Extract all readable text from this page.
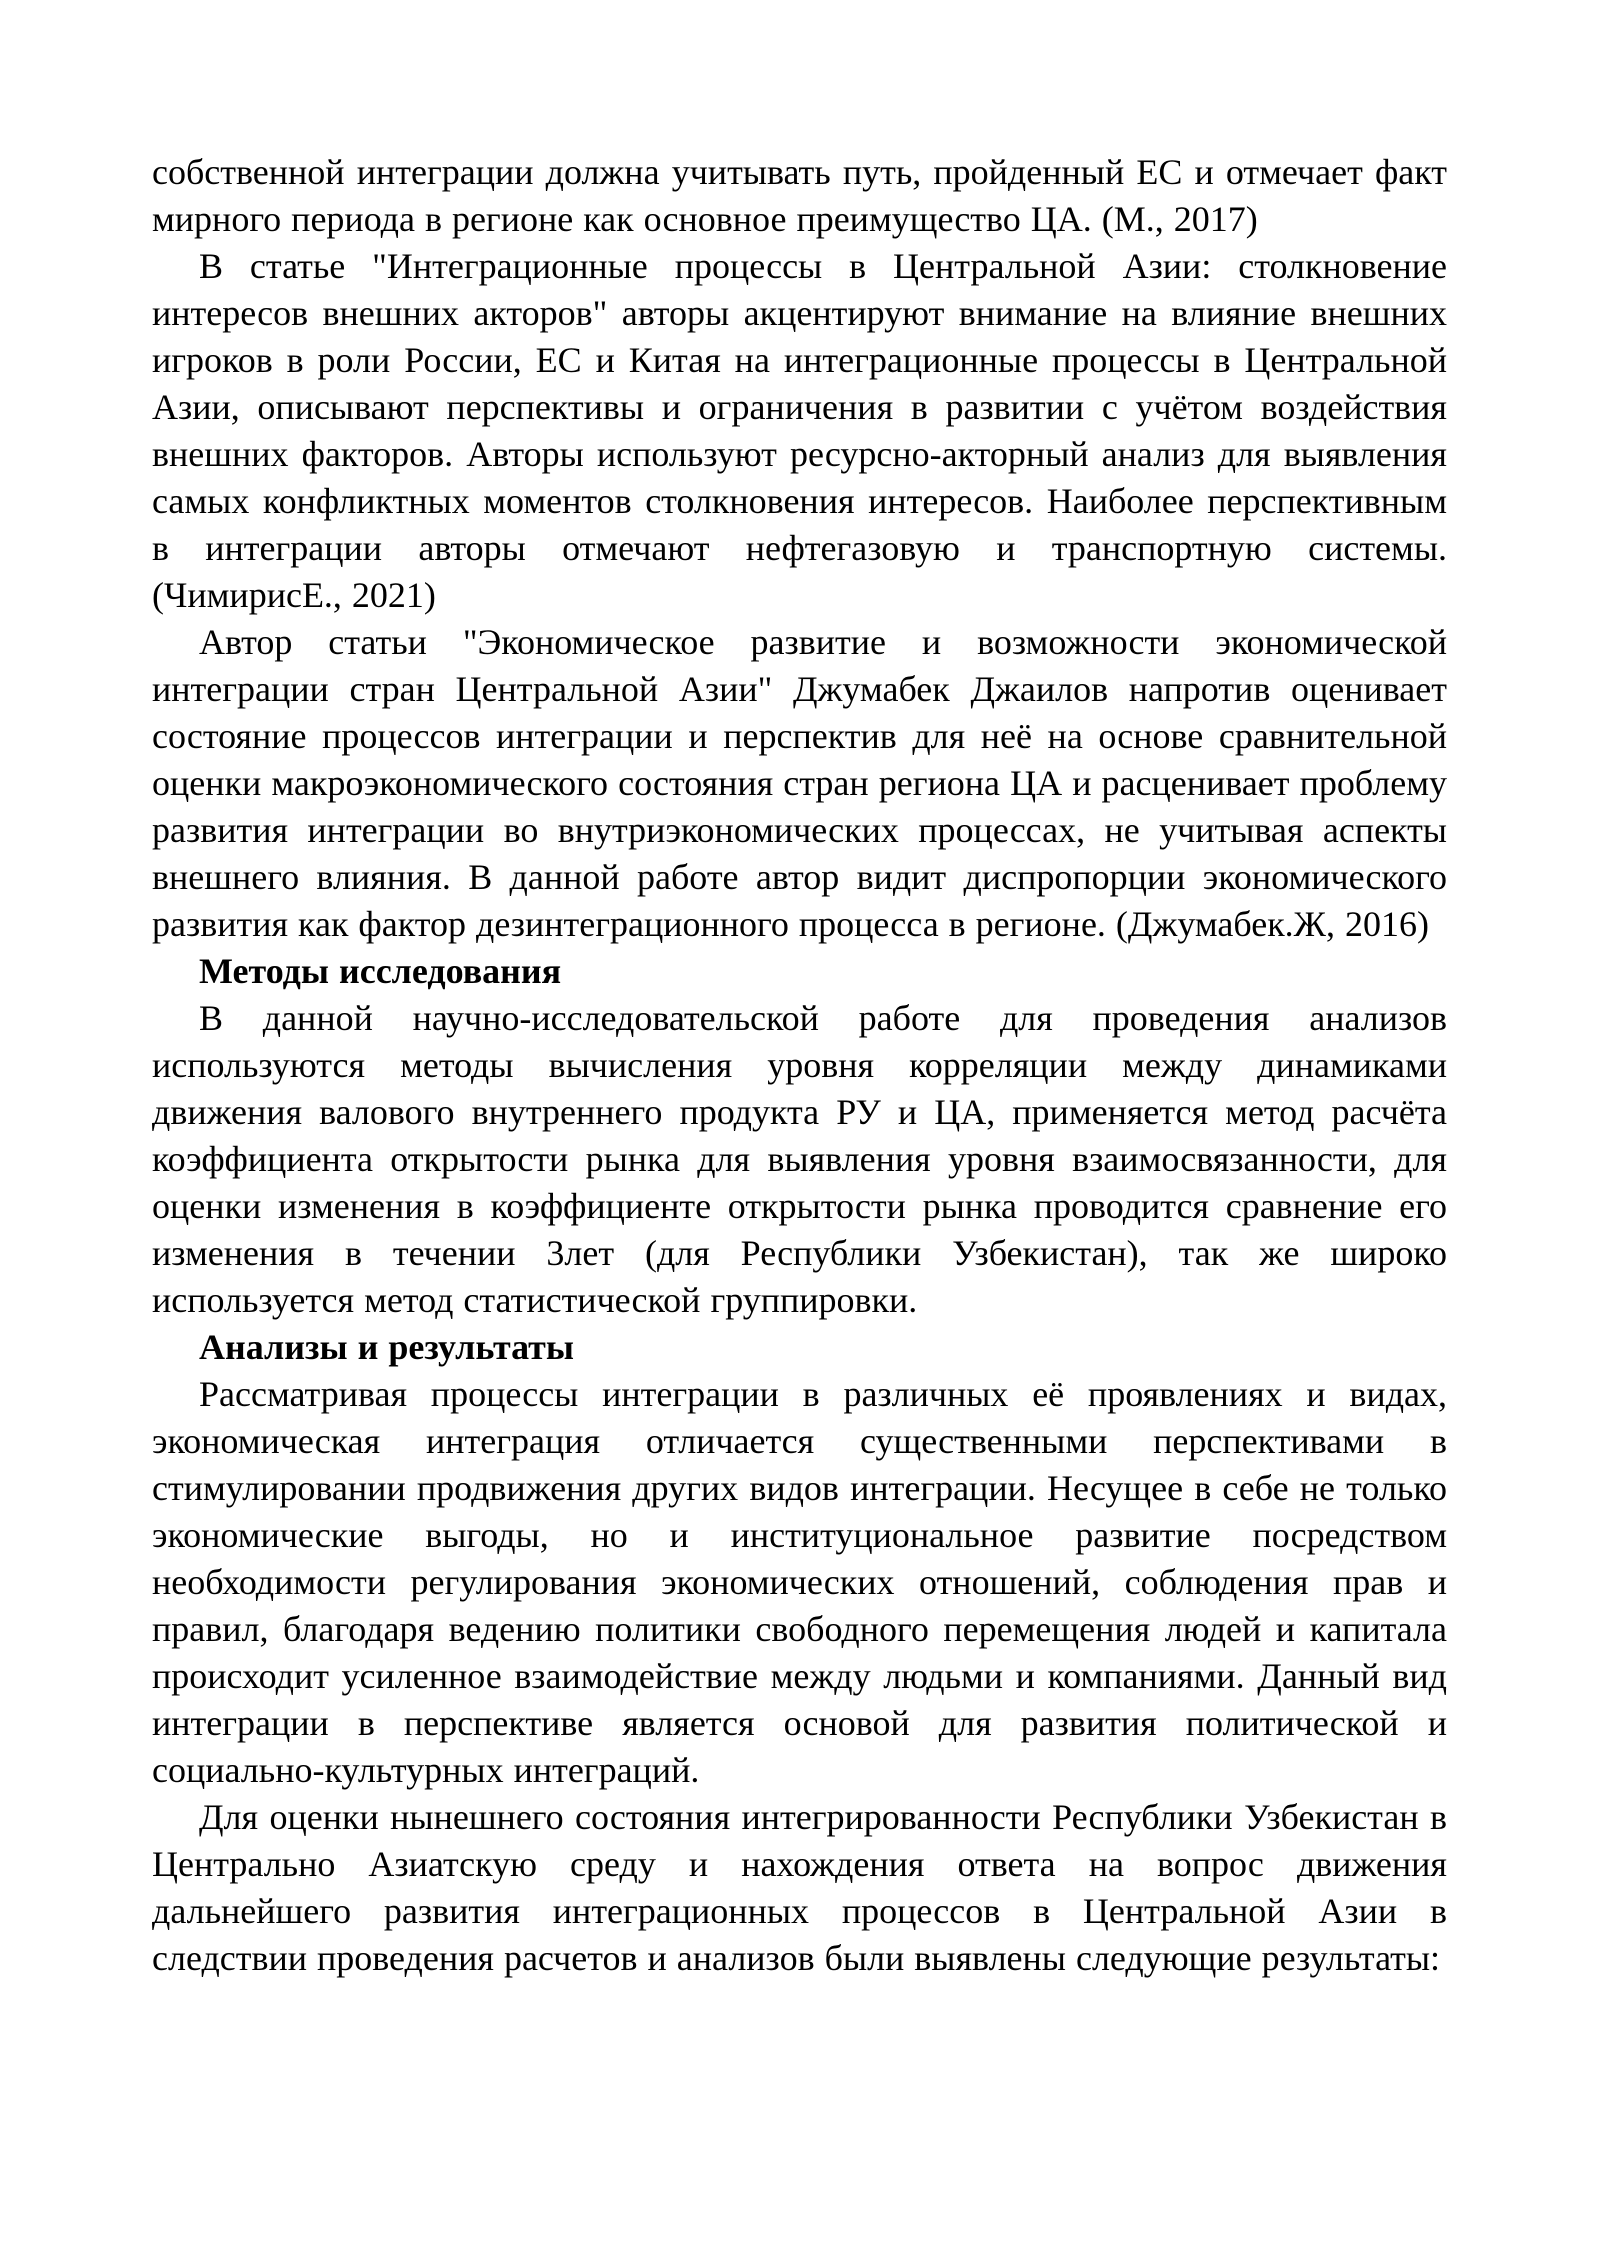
собственной интеграции должна учитывать путь, пройденный ЕС и отмечает факт мирного периода в регионе как основное преимущество ЦА. (М., 2017)

В статье "Интеграционные процессы в Центральной Азии: столкновение интересов внешних акторов" авторы акцентируют внимание на влияние внешних игроков в роли России, ЕС и Китая на интеграционные процессы в Центральной Азии, описывают перспективы и ограничения в развитии с учётом воздействия внешних факторов. Авторы используют ресурсно-акторный анализ для выявления самых конфликтных моментов столкновения интересов. Наиболее перспективным в интеграции авторы отмечают нефтегазовую и транспортную системы. (ЧимирисЕ., 2021)

Автор статьи "Экономическое развитие и возможности экономической интеграции стран Центральной Азии" Джумабек Джаилов напротив оценивает состояние процессов интеграции и перспектив для неё на основе сравнительной оценки макроэкономического состояния стран региона ЦА и расценивает проблему развития интеграции во внутриэкономических процессах, не учитывая аспекты внешнего влияния. В данной работе автор видит диспропорции экономического развития как фактор дезинтеграционного процесса в регионе. (Джумабек.Ж, 2016)

Методы исследования

В данной научно-исследовательской работе для проведения анализов используются методы вычисления уровня корреляции между динамиками движения валового внутреннего продукта РУ и ЦА, применяется метод расчёта коэффициента открытости рынка для выявления уровня взаимосвязанности, для оценки изменения в коэффициенте открытости рынка проводится сравнение его изменения в течении 3лет (для Республики Узбекистан), так же широко используется метод статистической группировки.

Анализы и результаты

Рассматривая процессы интеграции в различных её проявлениях и видах, экономическая интеграция отличается существенными перспективами в стимулировании продвижения других видов интеграции. Несущее в себе не только экономические выгоды, но и институциональное развитие посредством необходимости регулирования экономических отношений, соблюдения прав и правил, благодаря ведению политики свободного перемещения людей и капитала происходит усиленное взаимодействие между людьми и компаниями. Данный вид интеграции в перспективе является основой для развития политической и социально-культурных интеграций.

Для оценки нынешнего состояния интегрированности Республики Узбекистан в Центрально Азиатскую среду и нахождения ответа на вопрос движения дальнейшего развития интеграционных процессов в Центральной Азии в следствии проведения расчетов и анализов были выявлены следующие результаты:
